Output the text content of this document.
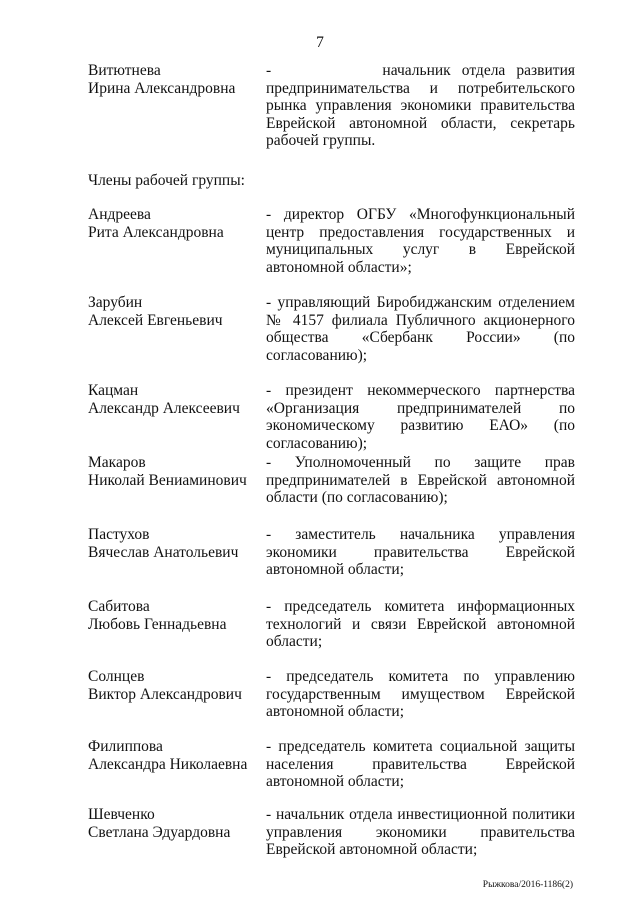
7
Витютнева
Ирина Александровна
-          начальник отдела развития предпринимательства и потребительского рынка управления экономики правительства Еврейской автономной области, секретарь рабочей группы.
Члены рабочей группы:
Андреева
Рита Александровна
- директор ОГБУ «Многофункциональный центр предоставления государственных и муниципальных услуг в Еврейской автономной области»;
Зарубин
Алексей Евгеньевич
- управляющий Биробиджанским отделением № 4157 филиала Публичного акционерного общества «Сбербанк России» (по согласованию);
Кацман
Александр Алексеевич
- президент некоммерческого партнерства «Организация предпринимателей по экономическому развитию ЕАО» (по согласованию);
Макаров
Николай Вениаминович
- Уполномоченный по защите прав предпринимателей в Еврейской автономной области (по согласованию);
Пастухов
Вячеслав Анатольевич
- заместитель начальника управления экономики правительства Еврейской автономной области;
Сабитова
Любовь Геннадьевна
- председатель комитета информационных технологий и связи Еврейской автономной области;
Солнцев
Виктор Александрович
- председатель комитета по управлению государственным имуществом Еврейской автономной области;
Филиппова
Александра Николаевна
- председатель комитета социальной защиты населения правительства Еврейской автономной области;
Шевченко
Светлана Эдуардовна
- начальник отдела инвестиционной политики управления экономики правительства Еврейской автономной области;
Рыжкова/2016-1186(2)
